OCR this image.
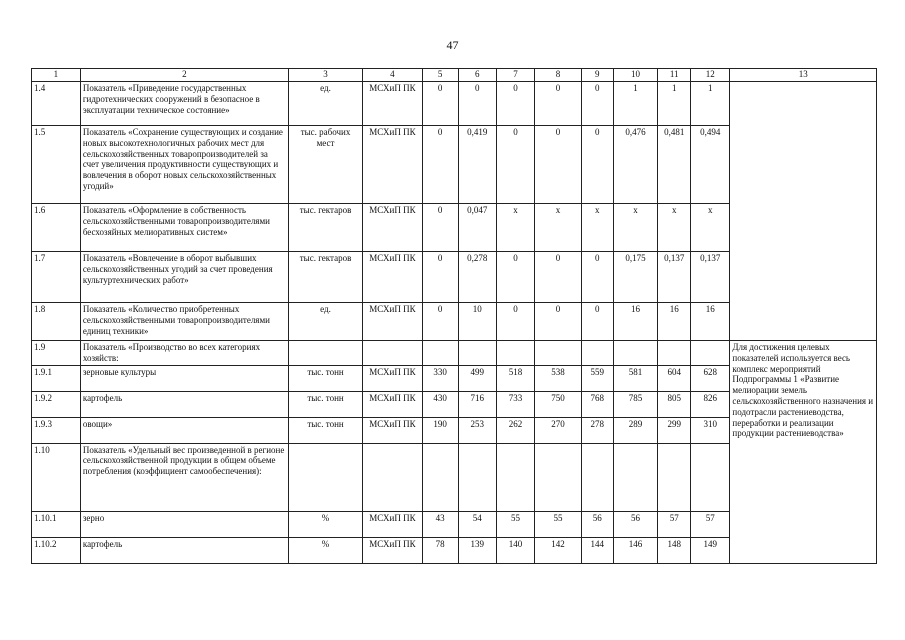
47
1	2	3	4	5	6	7	8	9	10	11	12	13
1.4	Показатель «Приведение государственных гидротехнических сооружений в безопасное в эксплуатации техническое состояние»	ед.	МСХиП ПК	0	0	0	0	0	1	1	1	
1.5	Показатель «Сохранение существующих и создание новых высокотехнологичных рабочих мест для сельскохозяйственных товаропроизводителей за счет увеличения продуктивности существующих и вовлечения в оборот новых сельскохозяйственных угодий»	тыс. рабочих мест	МСХиП ПК	0	0,419	0	0	0	0,476	0,481	0,494	
1.6	Показатель «Оформление в собственность сельскохозяйственными товаропроизводителями бесхозяйных мелиоративных систем»	тыс. гектаров	МСХиП ПК	0	0,047	х	х	х	х	х	х	
1.7	Показатель «Вовлечение в оборот выбывших сельскохозяйственных угодий за счет проведения культуртехнических работ»	тыс. гектаров	МСХиП ПК	0	0,278	0	0	0	0,175	0,137	0,137	
1.8	Показатель «Количество приобретенных сельскохозяйственными товаропроизводителями единиц техники»	ед.	МСХиП ПК	0	10	0	0	0	16	16	16	
1.9	Показатель «Производство во всех категориях хозяйств:											Для достижения целевых показателей используется весь комплекс мероприятий Подпрограммы 1 «Развитие мелиорации земель сельскохозяйственного назначения и подотрасли растениеводства, переработки и реализации продукции растениеводства»

1.9.1	зерновые культуры	тыс. тонн	МСХиП ПК	330	499	518	538	559	581	604	628	
1.9.2	картофель	тыс. тонн	МСХиП ПК	430	716	733	750	768	785	805	826	
1.9.3	овощи»	тыс. тонн	МСХиП ПК	190	253	262	270	278	289	299	310	
1.10	Показатель «Удельный вес произведенной в регионе сельскохозяйственной продукции в общем объеме потребления (коэффициент самообеспечения):											
1.10.1	зерно	%	МСХиП ПК	43	54	55	55	56	56	57	57	
1.10.2	картофель	%	МСХиП ПК	78	139	140	142	144	146	148	149	
